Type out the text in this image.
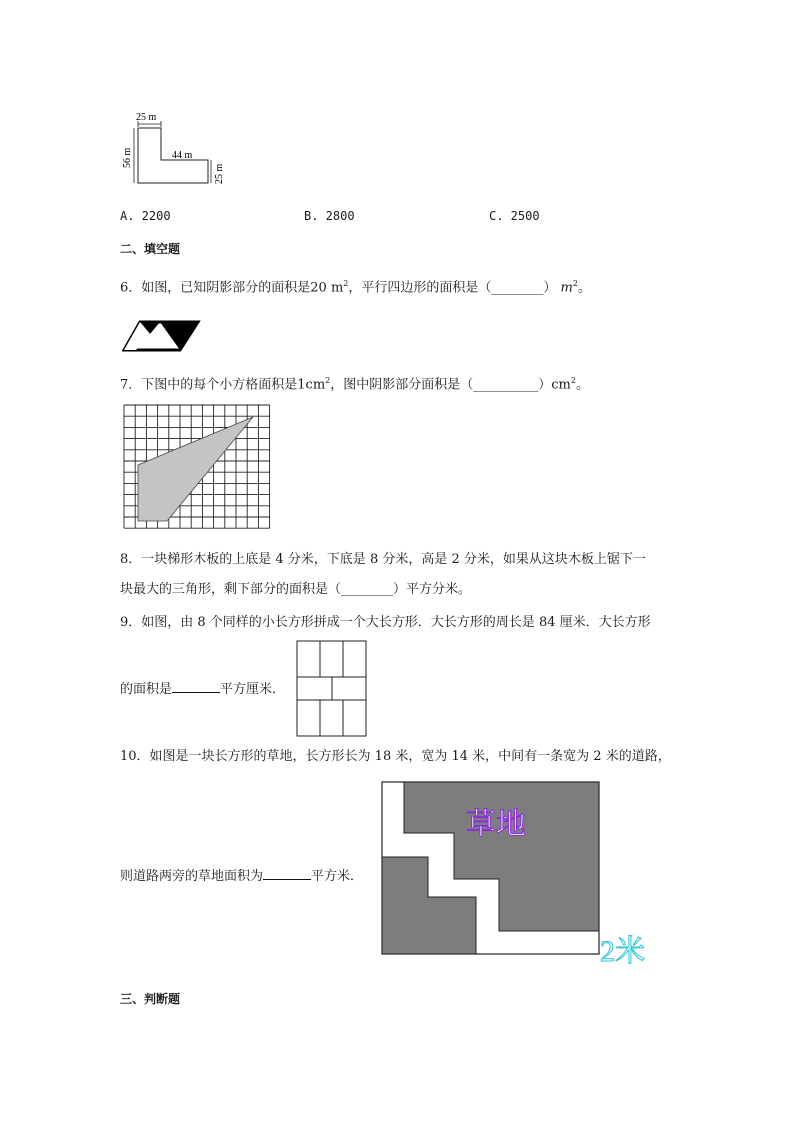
25 m
56 m	44 m
25 m
A. 2200	B. 2800	C. 2500
二、填空题
6．如图，已知阴影部分的面积是20 $m^2$，平行四边形的面积是（________） $m^2$。
7．下图中的每个小方格面积是$1cm^2$，图中阴影部分面积是$(\_\_\_\_\_\_\_\_\_\_)cm^2$。
8．一块梯形木板的上底是 4 分米，下底是 8 分米，高是 2 分米，如果从这块木板上锯下一
块最大的三角形，剩下部分的面积是（________）平方分米。
9．如图，由 8 个同样的小长方形拼成一个大长方形．大长方形的周长是 84 厘米．大长方形
的面积是	平方厘米．
10．如图是一块长方形的草地，长方形长为 18 米，宽为 14 米，中间有一条宽为 2 米的道路，
则道路两旁的草地面积为	平方米．
草地
2米
三、判断题
